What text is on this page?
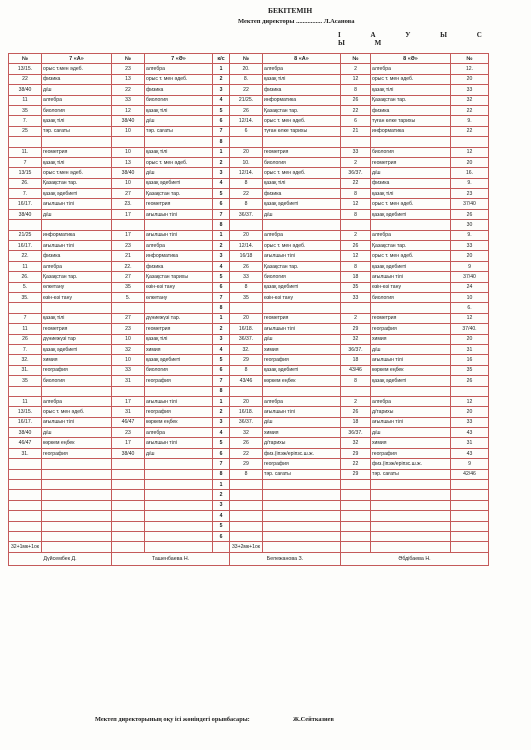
БЕКІТЕМІН
Мектеп директоры ................ Л.Асанова
I А У Ы С Ы М
№	7 «А»	№	7 «Ә»	к/с	№	8 «А»	№	8 «Ә»	№
13/15.	орыс т.мен әдеб.	23	алгебра	1	20.	алгебра	2	алгебра	12.
22	физика	13	орыс т. мен әдеб.	2	8.	қазақ тілі	12	орыс т. мен әдеб.	20
38/40	д/ш	22	физика	3	22	физика	8	қазақ тілі	33
11	алгебра	33	биология	4	21/25.	информатика	26	Қазақстан тар.	32
35	биология	12	қазақ тілі	5	26	Қазақстан тар.	22	физика	22
7.	қазақ тілі	38/40	д/ш	6	12/14.	орыс т. мен әдеб.	6	түған өлке тарихы	9.
25	тәр. сағаты	10	тәр. сағаты	7	6	түған өлке тарихы	21	информатика	22
				8					
11.	геометрия	10	қазақ тілі	1	20	геометрия	33	биология	12
7	қазақ тілі	13	орыс т. мен әдеб.	2	10.	биология	2	геометрия	20
13/15	орыс т.мен әдеб.	38/40	д/ш	3	12/14.	орыс т. мен әдеб.	36/37.	д/ш	16.
26.	Қазақстан тар.	10	қазақ әдебиеті	4	8	қазақ тілі	22	физика	9.
7.	қазақ әдебиеті	27	Қазақстан тар.	5	22	физика	8	қазақ тілі	23
16/17.	ағылшын тілі	23.	геометрия	6	8	қазақ әдебиеті	12	орыс т. мен әдеб.	37/40
38/40	д/ш	17	ағылшын тілі	7	36/37.	д/ш	8	қазақ әдебиеті	26
				8					30
21/25	информатика	17	ағылшын тілі	1	20	алгебра	2	алгебра	9.
16/17.	ағылшын тілі	23	алгебра	2	12/14.	орыс т. мен әдеб.	26	Қазақстан тар.	33
22.	физика	21	информатика	3	16/18	ағылшын тілі	12	орыс т. мен әдеб.	20
11	алгебра	22.	физика	4	26	Қазақстан тар.	8	қазақ әдебиеті	9
26.	Қазақстан тар.	27	Қазақстан тарихы	5	33	биология	18	ағылшын тілі	37/40
5.	өлкетану	35	өзін-өзі тану	6	8	қазақ әдебиеті	35	өзін-өзі тану	24
35.	өзін-өзі тану	5.	өлкетану	7	35	өзін-өзі тану	33	биология	10
				8					6.
7	қазақ тілі	27	дүниежүзі тар.	1	20	геометрия	2	геометрия	12
11	геометрия	23	геометрия	2	16/18.	ағылшын тілі	29	география	37/40.
26	дүниежүзі тар	10	қазақ тілі	3	36/37.	д/ш	32	химия	20
7.	қазақ әдебиеті	32	химия	4	32.	химия	36/37.	д/ш	31
32.	химия	10	қазақ әдебиеті	5	29	география	18	ағылшын тілі	16
31.	география	33	биология	6	8	қазақ әдебиеті	43/46	көркем еңбек	35
35	биология	31	география	7	43/46	көркем еңбек	8	қазақ әдебиеті	26
				8					
11	алгебра	17	ағылшын тілі	1	20	алгебра	2	алгебра	12
13/15.	орыс т. мен әдеб.	31	география	2	16/18.	ағылшын тілі	26	д/тарихы	20
16/17.	ағылшын тілі	46/47	көркем еңбек	3	36/37.	д/ш	18	ағылшын тілі	33
38/40	д/ш	23	алгебра	4	32	химия	36/37.	д/ш	43
46/47	көркем еңбек	17	ағылшын тілі	5	26	д/тарихы	32	химия	31
31.	география	38/40	д/ш	6	22	физ.(іпэж/еріпзс.ш.ж.	29	география	43
				7	29	география	22	физ.(іпэж/еріпзс.ш.ж.	9
				8	8	тәр. сағаты	29	тәр. сағаты	42/46
				1					
				2					
				3					
				4					
				5					
				6					
32+1мк+1ок					33+2мк+1ок				
Дүйсембек Д.		Ташенбаева Н.			Бепежанова З.		Әбдібаева Н.		
Мектеп директорының оқу ісі жөніндегі орынбасары:	Ж.Сейтказиев
